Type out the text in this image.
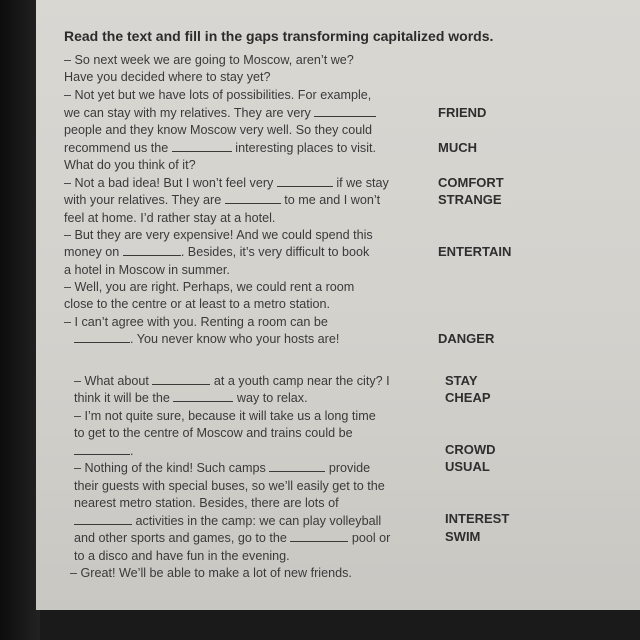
Read the text and fill in the gaps transforming capitalized words.
– So next week we are going to Moscow, aren’t we?
Have you decided where to stay yet?
– Not yet but we have lots of possibilities. For example,
we can stay with my relatives. They are very
people and they know Moscow very well. So they could
recommend us the	interesting places to visit.
What do you think of it?
– Not a bad idea! But I won’t feel very	if we stay
with your relatives. They are	to me and I won’t
feel at home. I’d rather stay at a hotel.
– But they are very expensive! And we could spend this
money on	. Besides, it’s very difficult to book
a hotel in Moscow in summer.
– Well, you are right. Perhaps, we could rent a room
close to the centre or at least to a metro station.
– I can’t agree with you. Renting a room can be
. You never know who your hosts are!
– What about	at a youth camp near the city? I
think it will be the	way to relax.
– I’m not quite sure, because it will take us a long time
to get to the centre of Moscow and trains could be
.
– Nothing of the kind! Such camps	provide
their guests with special buses, so we’ll easily get to the
nearest metro station. Besides, there are lots of
activities in the camp: we can play volleyball
and other sports and games, go to the	pool or
to a disco and have fun in the evening.
– Great! We’ll be able to make a lot of new friends.
FRIEND
MUCH
COMFORT
STRANGE
ENTERTAIN
DANGER
STAY
CHEAP
CROWD
USUAL
INTEREST
SWIM
